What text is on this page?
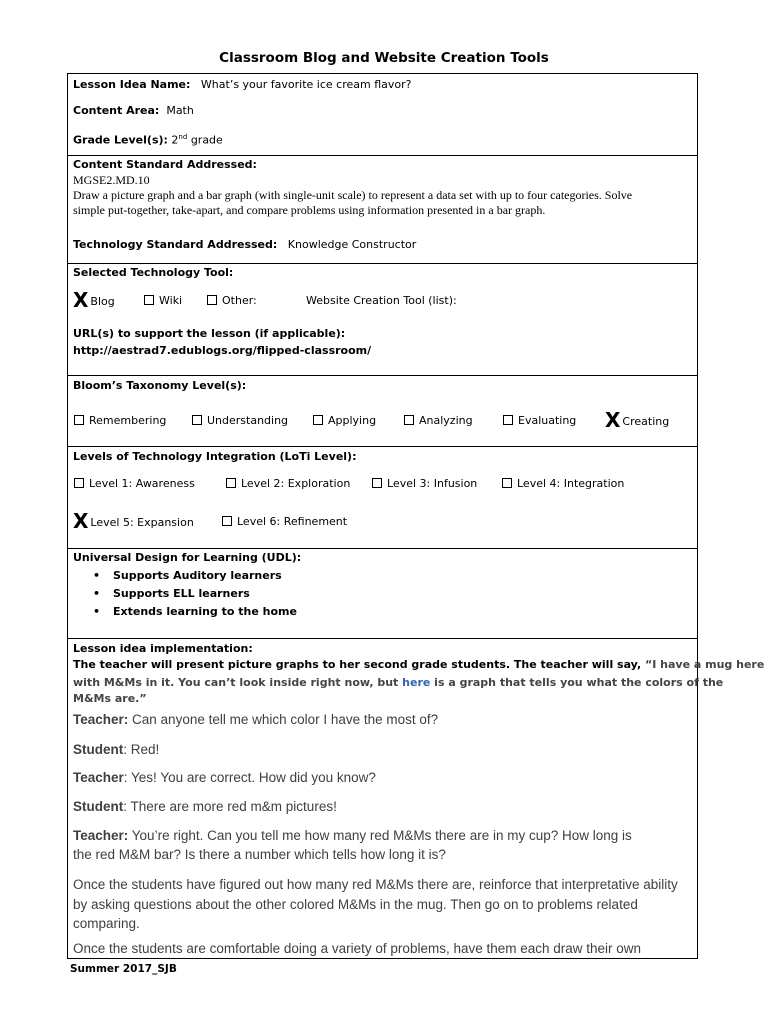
Classroom Blog and Website Creation Tools
Lesson Idea Name: What’s your favorite ice cream flavor?
Content Area: Math
Grade Level(s): 2nd grade
Content Standard Addressed:
MGSE2.MD.10
Draw a picture graph and a bar graph (with single-unit scale) to represent a data set with up to four categories. Solve
simple put-together, take-apart, and compare problems using information presented in a bar graph.
Technology Standard Addressed: Knowledge Constructor
Selected Technology Tool:
X Blog	Wiki	Other:	Website Creation Tool (list):
URL(s) to support the lesson (if applicable):
http://aestrad7.edublogs.org/flipped-classroom/
Bloom’s Taxonomy Level(s):
Remembering	Understanding	Applying	Analyzing	Evaluating X Creating
Levels of Technology Integration (LoTi Level):
Level 1: Awareness	Level 2: Exploration	Level 3: Infusion	Level 4: Integration
X Level 5: Expansion	Level 6: Refinement
Universal Design for Learning (UDL):
• Supports Auditory learners
• Supports ELL learners
• Extends learning to the home
Lesson idea implementation:
The teacher will present picture graphs to her second grade students. The teacher will say, “I have a mug here
with M&Ms in it. You can’t look inside right now, but here is a graph that tells you what the colors of the
M&Ms are.”
Teacher: Can anyone tell me which color I have the most of?
Student: Red!
Teacher: Yes! You are correct. How did you know?
Student: There are more red m&m pictures!
Teacher: You’re right. Can you tell me how many red M&Ms there are in my cup? How long is
the red M&M bar? Is there a number which tells how long it is?
Once the students have figured out how many red M&Ms there are, reinforce that interpretative ability by asking questions about the other colored M&Ms in the mug. Then go on to problems related comparing.
Once the students are comfortable doing a variety of problems, have them each draw their own
Summer 2017_SJB
